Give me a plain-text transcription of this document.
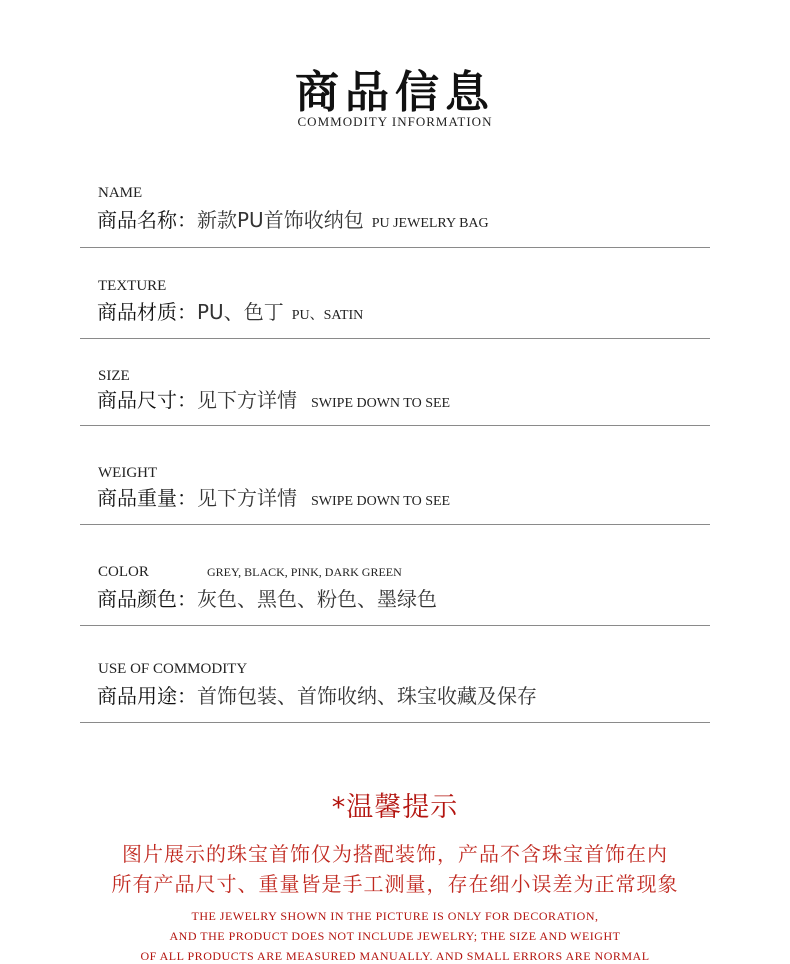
商品信息
COMMODITY INFORMATION
NAME
商品名称：新款PU首饰收纳包 PU JEWELRY BAG
TEXTURE
商品材质：PU、色丁 PU、SATIN
SIZE
商品尺寸：见下方详情 SWIPE DOWN TO SEE
WEIGHT
商品重量：见下方详情 SWIPE DOWN TO SEE
COLOR	GREY, BLACK, PINK, DARK GREEN
商品颜色：灰色、黑色、粉色、墨绿色
USE OF COMMODITY
商品用途：首饰包装、首饰收纳、珠宝收藏及保存
*温馨提示
图片展示的珠宝首饰仅为搭配装饰，产品不含珠宝首饰在内
所有产品尺寸、重量皆是手工测量，存在细小误差为正常现象
THE JEWELRY SHOWN IN THE PICTURE IS ONLY FOR DECORATION,
AND THE PRODUCT DOES NOT INCLUDE JEWELRY; THE SIZE AND WEIGHT
OF ALL PRODUCTS ARE MEASURED MANUALLY. AND SMALL ERRORS ARE NORMAL
